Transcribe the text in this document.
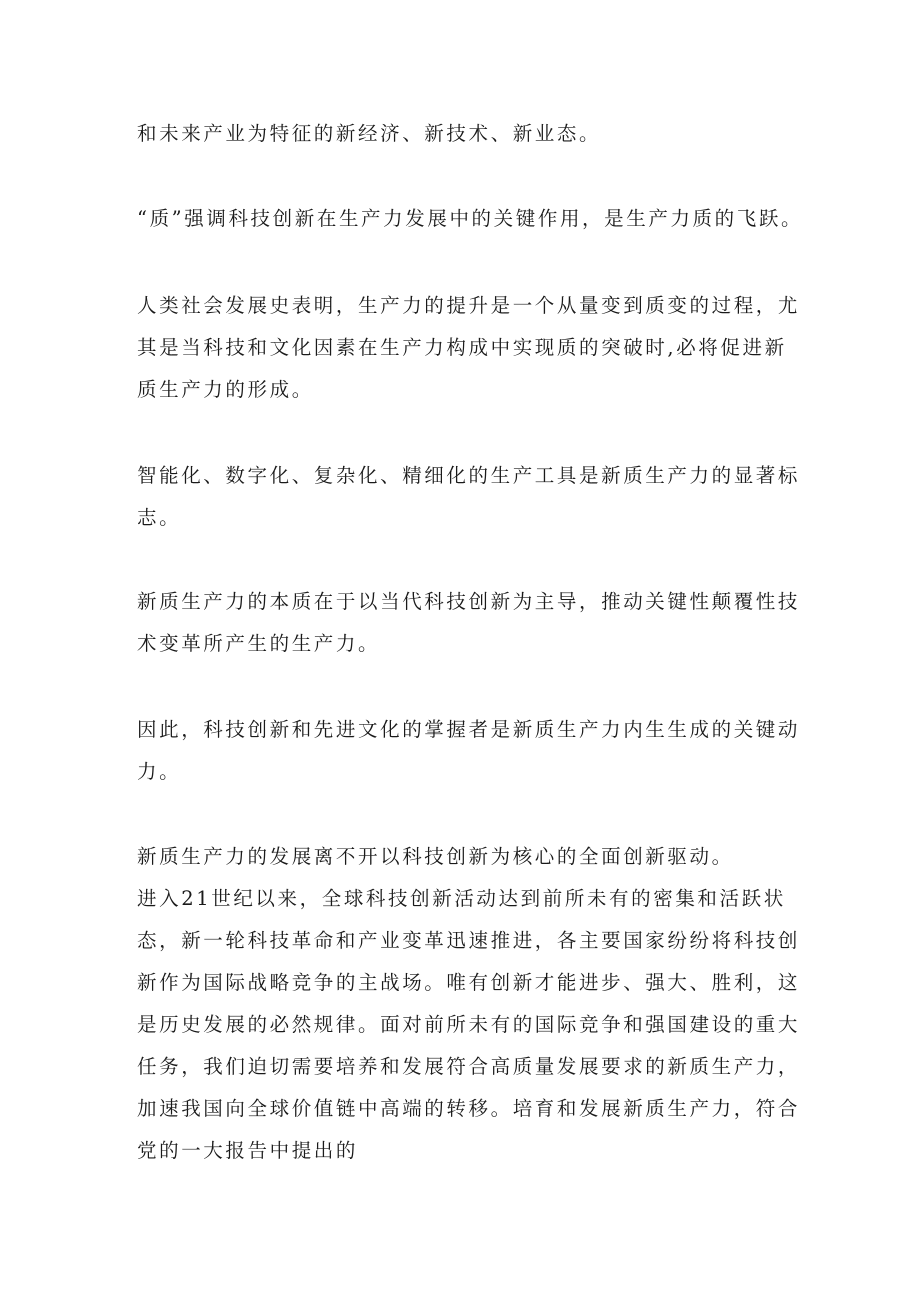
和未来产业为特征的新经济、新技术、新业态。
“质”强调科技创新在生产力发展中的关键作用，是生产力质的飞跃。
人类社会发展史表明，生产力的提升是一个从量变到质变的过程，尤
其是当科技和文化因素在生产力构成中实现质的突破时,必将促进新
质生产力的形成。
智能化、数字化、复杂化、精细化的生产工具是新质生产力的显著标
志。
新质生产力的本质在于以当代科技创新为主导，推动关键性颠覆性技
术变革所产生的生产力。
因此，科技创新和先进文化的掌握者是新质生产力内生生成的关键动
力。
新质生产力的发展离不开以科技创新为核心的全面创新驱动。
进入21世纪以来，全球科技创新活动达到前所未有的密集和活跃状
态，新一轮科技革命和产业变革迅速推进，各主要国家纷纷将科技创
新作为国际战略竞争的主战场。唯有创新才能进步、强大、胜利，这
是历史发展的必然规律。面对前所未有的国际竞争和强国建设的重大
任务，我们迫切需要培养和发展符合高质量发展要求的新质生产力，
加速我国向全球价值链中高端的转移。培育和发展新质生产力，符合
党的一大报告中提出的
